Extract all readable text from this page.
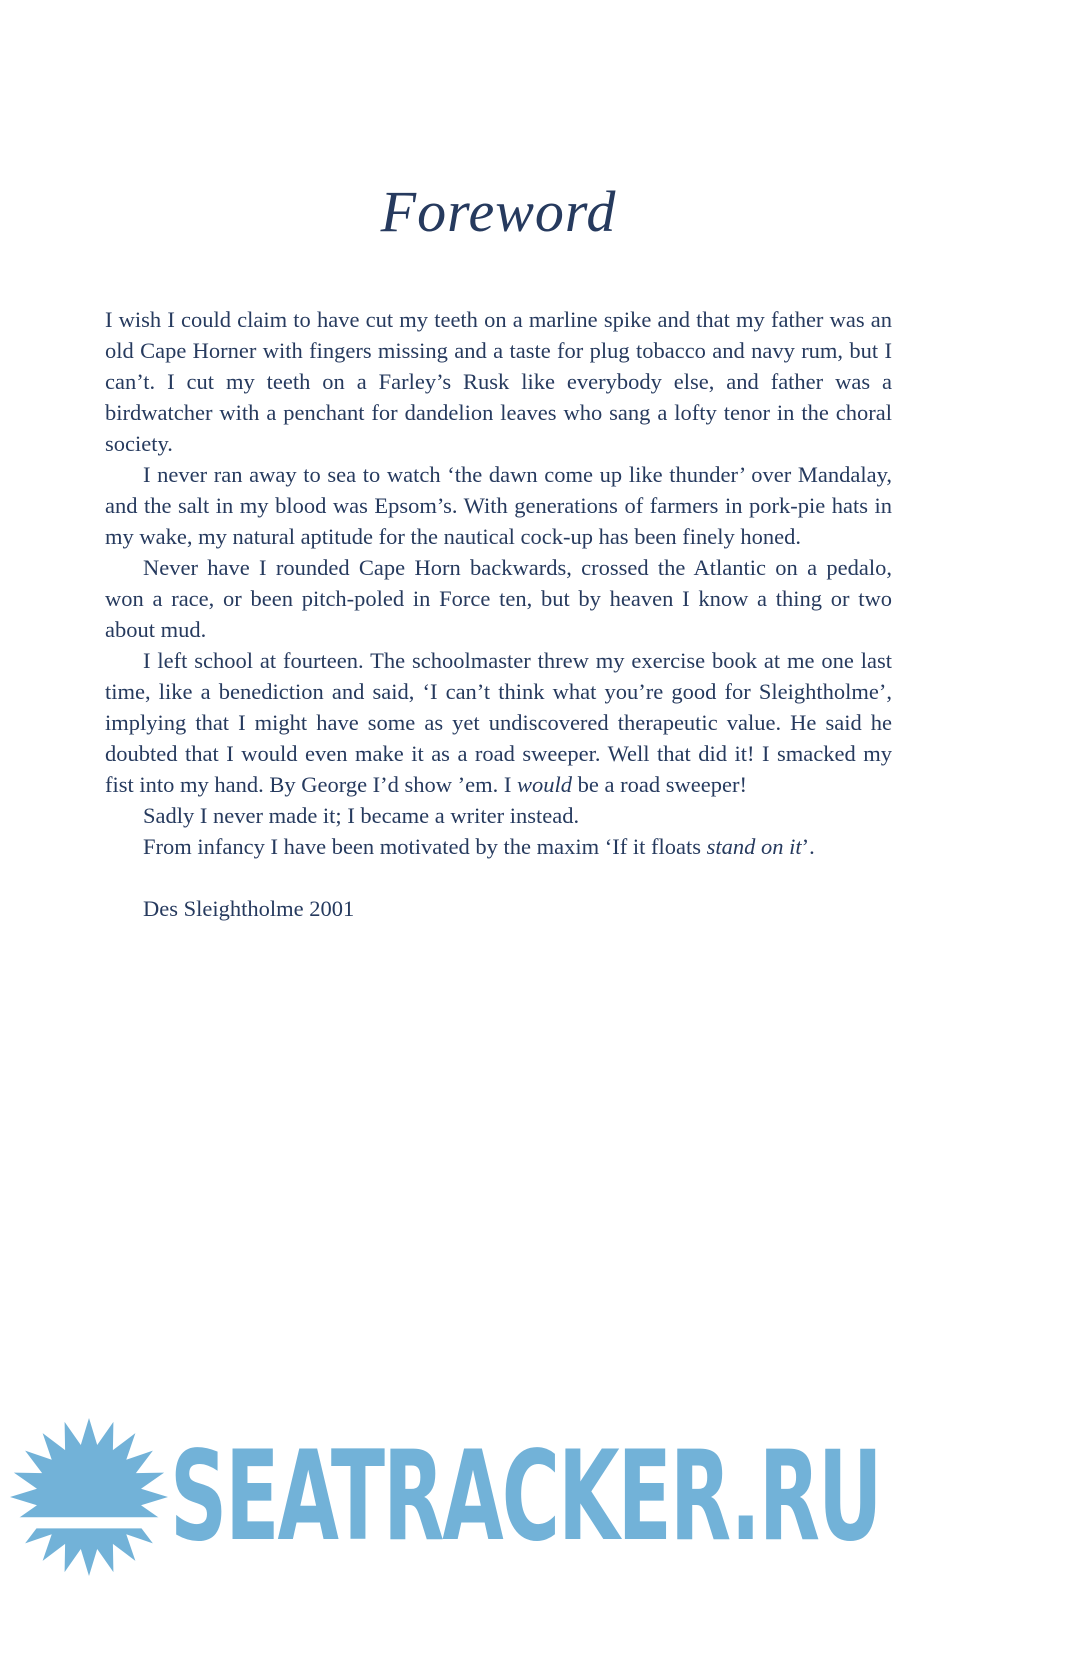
Foreword

I wish I could claim to have cut my teeth on a marline spike and that my father was an old Cape Horner with fingers missing and a taste for plug tobacco and navy rum, but I can’t. I cut my teeth on a Farley’s Rusk like everybody else, and father was a birdwatcher with a penchant for dandelion leaves who sang a lofty tenor in the choral society.

I never ran away to sea to watch ‘the dawn come up like thunder’ over Mandalay, and the salt in my blood was Epsom’s. With generations of farmers in pork-pie hats in my wake, my natural aptitude for the nautical cock-up has been finely honed.

Never have I rounded Cape Horn backwards, crossed the Atlantic on a pedalo, won a race, or been pitch-poled in Force ten, but by heaven I know a thing or two about mud.

I left school at fourteen. The schoolmaster threw my exercise book at me one last time, like a benediction and said, ‘I can’t think what you’re good for Sleightholme’, implying that I might have some as yet undiscovered therapeutic value. He said he doubted that I would even make it as a road sweeper. Well that did it! I smacked my fist into my hand. By George I’d show ’em. I would be a road sweeper!

Sadly I never made it; I became a writer instead.

From infancy I have been motivated by the maxim ‘If it floats stand on it’.

Des Sleightholme 2001

SEATRACKER.RU
